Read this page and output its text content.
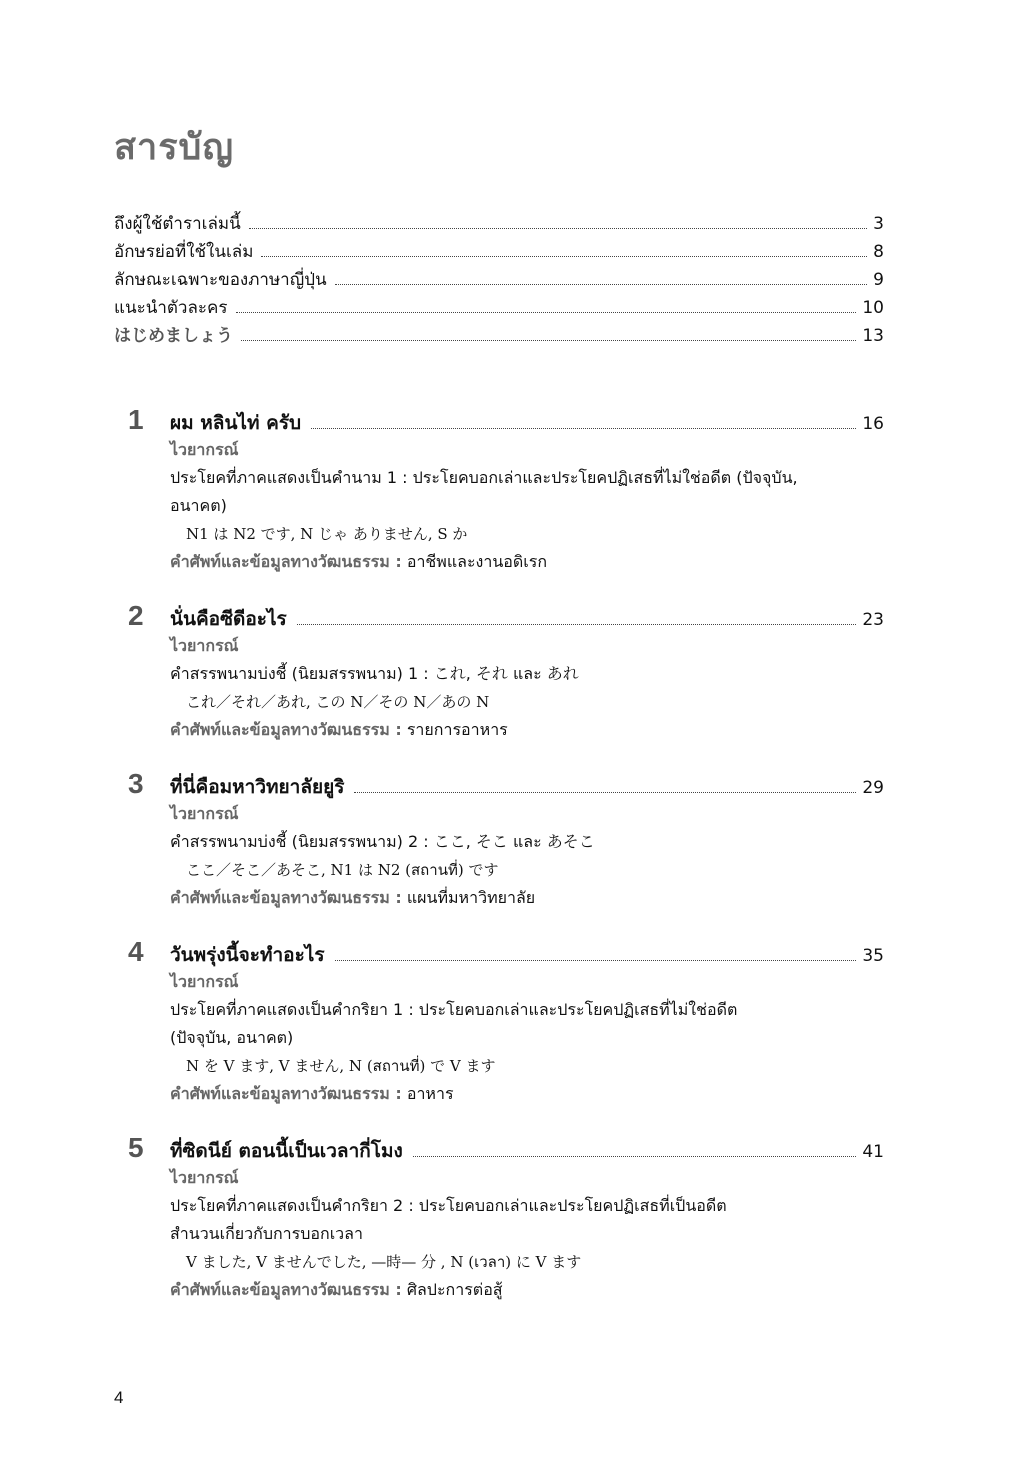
สารบัญ
ถึงผู้ใช้ตำราเล่มนี้	3
อักษรย่อที่ใช้ในเล่ม	8
ลักษณะเฉพาะของภาษาญี่ปุ่น	9
แนะนำตัวละคร	10
はじめましょう	13
1	ผม หลินไท่ ครับ	16
ไวยากรณ์
ประโยคที่ภาคแสดงเป็นคำนาม 1 : ประโยคบอกเล่าและประโยคปฏิเสธที่ไม่ใช่อดีต (ปัจจุบัน,
อนาคต)
N1 は N2 です, N じゃ ありません, S か
คำศัพท์และข้อมูลทางวัฒนธรรม : อาชีพและงานอดิเรก
2	นั่นคือซีดีอะไร	23
ไวยากรณ์
คำสรรพนามบ่งชี้ (นิยมสรรพนาม) 1 : これ, それ และ あれ
これ／それ／あれ, この N／その N／あの N
คำศัพท์และข้อมูลทางวัฒนธรรม : รายการอาหาร
3	ที่นี่คือมหาวิทยาลัยยูริ	29
ไวยากรณ์
คำสรรพนามบ่งชี้ (นิยมสรรพนาม) 2 : ここ, そこ และ あそこ
ここ／そこ／あそこ, N1 は N2 (สถานที่) です
คำศัพท์และข้อมูลทางวัฒนธรรม : แผนที่มหาวิทยาลัย
4	วันพรุ่งนี้จะทำอะไร	35
ไวยากรณ์
ประโยคที่ภาคแสดงเป็นคำกริยา 1 : ประโยคบอกเล่าและประโยคปฏิเสธที่ไม่ใช่อดีต
(ปัจจุบัน, อนาคต)
N を V ます, V ません, N (สถานที่) で V ます
คำศัพท์และข้อมูลทางวัฒนธรรม : อาหาร
5	ที่ซิดนีย์ ตอนนี้เป็นเวลากี่โมง	41
ไวยากรณ์
ประโยคที่ภาคแสดงเป็นคำกริยา 2 : ประโยคบอกเล่าและประโยคปฏิเสธที่เป็นอดีต
สำนวนเกี่ยวกับการบอกเวลา
V ました, V ませんでした, —時— 分 , N (เวลา) に V ます
คำศัพท์และข้อมูลทางวัฒนธรรม : ศิลปะการต่อสู้
4
